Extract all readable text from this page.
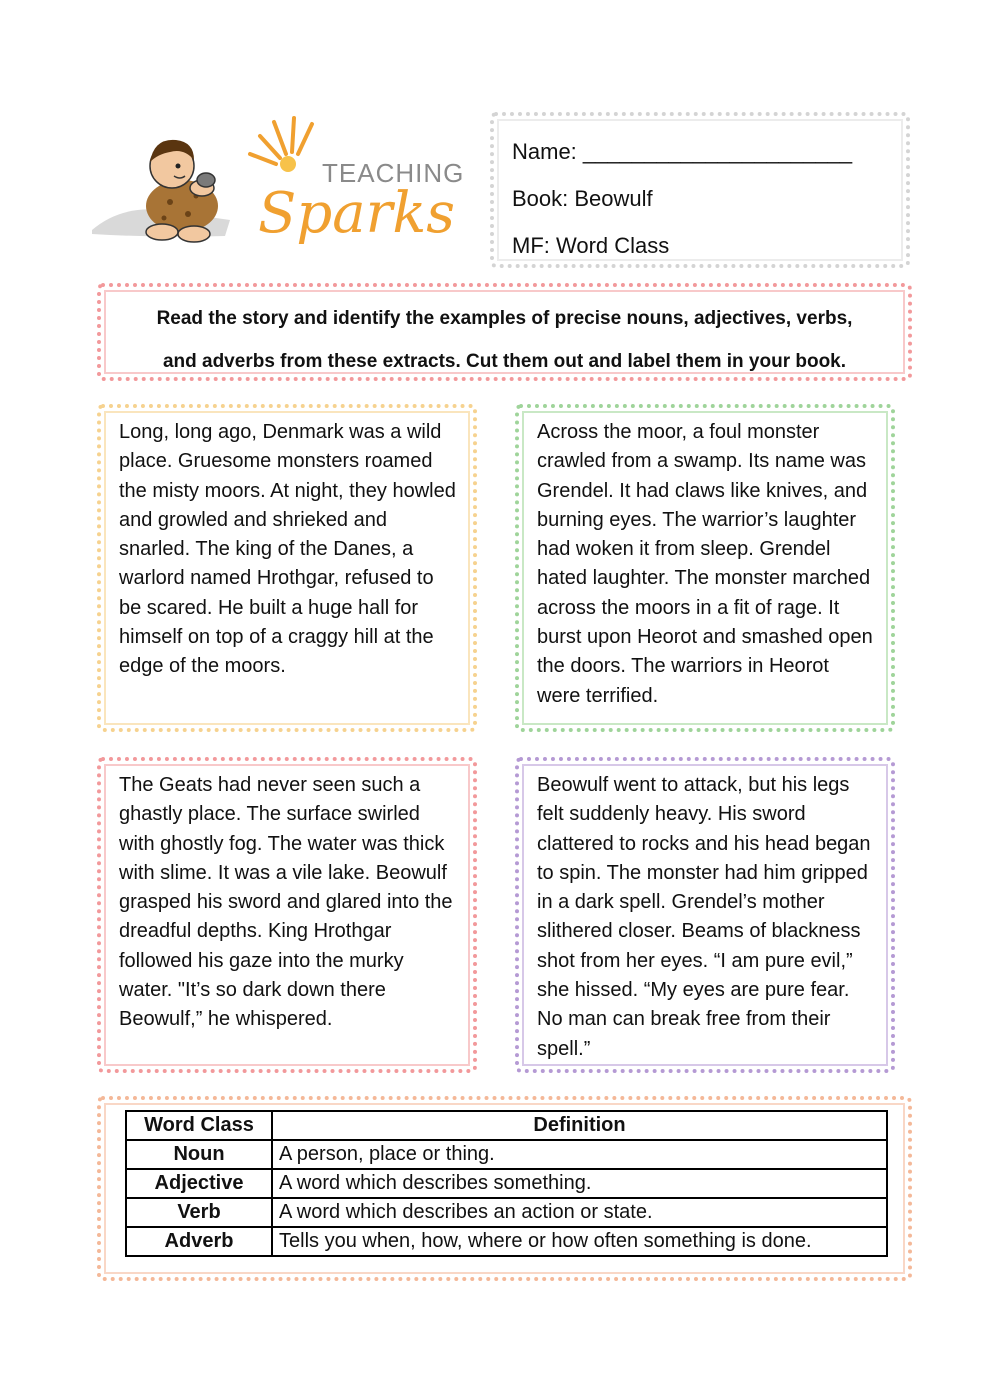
TEACHING
Sparks

Name: ______________________

Book: Beowulf

MF: Word Class

Read the story and identify the examples of precise nouns, adjectives, verbs,

and adverbs from these extracts. Cut them out and label them in your book.

Long, long ago, Denmark was a wild place. Gruesome monsters roamed the misty moors. At night, they howled and growled and shrieked and snarled. The king of the Danes, a warlord named Hrothgar, refused to be scared. He built a huge hall for himself on top of a craggy hill at the edge of the moors.

Across the moor, a foul monster crawled from a swamp. Its name was Grendel. It had claws like knives, and burning eyes. The warrior’s laughter had woken it from sleep. Grendel hated laughter. The monster marched across the moors in a fit of rage. It burst upon Heorot and smashed open the doors. The warriors in Heorot were terrified.

The Geats had never seen such a ghastly place. The surface swirled with ghostly fog. The water was thick with slime. It was a vile lake. Beowulf grasped his sword and glared into the dreadful depths. King Hrothgar followed his gaze into the murky water. "It’s so dark down there Beowulf,” he whispered.

Beowulf went to attack, but his legs felt suddenly heavy. His sword clattered to rocks and his head began to spin. The monster had him gripped in a dark spell. Grendel’s mother slithered closer. Beams of blackness shot from her eyes. “I am pure evil,” she hissed. “My eyes are pure fear. No man can break free from their spell.”

Word Class	Definition
Noun	A person, place or thing.
Adjective	A word which describes something.
Verb	A word which describes an action or state.
Adverb	Tells you when, how, where or how often something is done.
